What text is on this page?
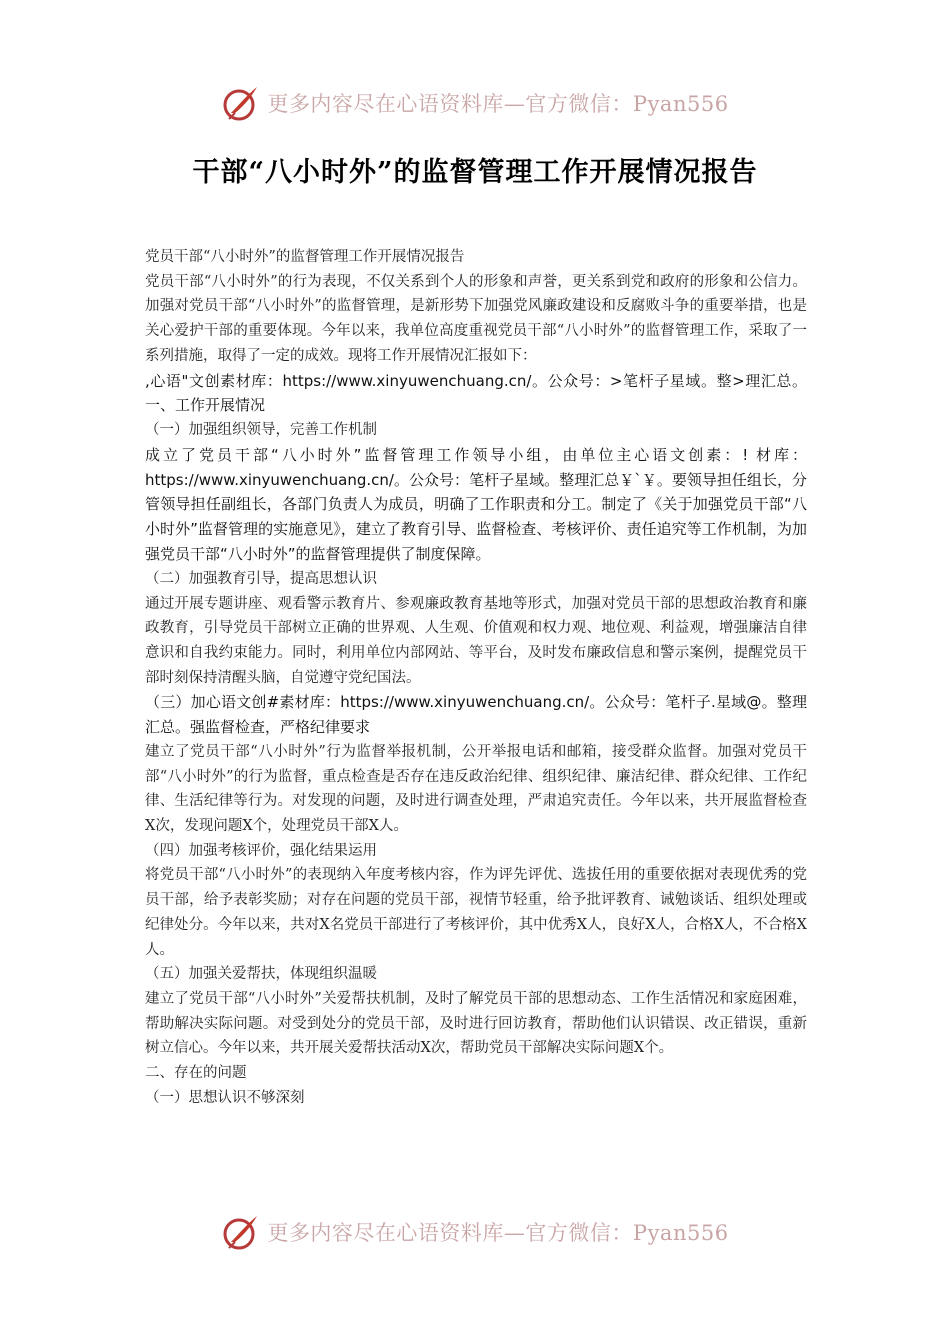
更多内容尽在心语资料库—官方微信：Pyan556
干部“八小时外”的监督管理工作开展情况报告

党员干部“八小时外”的监督管理工作开展情况报告

党员干部“八小时外”的行为表现，不仅关系到个人的形象和声誉，更关系到党和政府的形象和公信力。加强对党员干部“八小时外”的监督管理，是新形势下加强党风廉政建设和反腐败斗争的重要举措，也是关心爱护干部的重要体现。今年以来，我单位高度重视党员干部“八小时外”的监督管理工作，采取了一系列措施，取得了一定的成效。现将工作开展情况汇报如下：

,心语"文创素材库：https://www.xinyuwenchuang.cn/。公众号：>笔杆子星域。整>理汇总。一、工作开展情况

（一）加强组织领导，完善工作机制

成立了党员干部“八小时外”监督管理工作领导小组，由单位主心语文创素：! 材库：https://www.xinyuwenchuang.cn/。公众号：笔杆子星域。整理汇总￥`￥。要领导担任组长，分管领导担任副组长，各部门负责人为成员，明确了工作职责和分工。制定了《关于加强党员干部“八小时外”监督管理的实施意见》，建立了教育引导、监督检查、考核评价、责任追究等工作机制，为加强党员干部“八小时外”的监督管理提供了制度保障。

（二）加强教育引导，提高思想认识

通过开展专题讲座、观看警示教育片、参观廉政教育基地等形式，加强对党员干部的思想政治教育和廉政教育，引导党员干部树立正确的世界观、人生观、价值观和权力观、地位观、利益观，增强廉洁自律意识和自我约束能力。同时，利用单位内部网站、等平台，及时发布廉政信息和警示案例，提醒党员干部时刻保持清醒头脑，自觉遵守党纪国法。

（三）加心语文创#素材库：https://www.xinyuwenchuang.cn/。公众号：笔杆子.星域@。整理汇总。强监督检查，严格纪律要求

建立了党员干部“八小时外”行为监督举报机制，公开举报电话和邮箱，接受群众监督。加强对党员干部“八小时外”的行为监督，重点检查是否存在违反政治纪律、组织纪律、廉洁纪律、群众纪律、工作纪律、生活纪律等行为。对发现的问题，及时进行调查处理，严肃追究责任。今年以来，共开展监督检查X次，发现问题X个，处理党员干部X人。

（四）加强考核评价，强化结果运用

将党员干部“八小时外”的表现纳入年度考核内容，作为评先评优、选拔任用的重要依据对表现优秀的党员干部，给予表彰奖励；对存在问题的党员干部，视情节轻重，给予批评教育、诫勉谈话、组织处理或纪律处分。今年以来，共对X名党员干部进行了考核评价，其中优秀X人，良好X人，合格X人，不合格X人。

（五）加强关爱帮扶，体现组织温暖

建立了党员干部“八小时外”关爱帮扶机制，及时了解党员干部的思想动态、工作生活情况和家庭困难，帮助解决实际问题。对受到处分的党员干部，及时进行回访教育，帮助他们认识错误、改正错误，重新树立信心。今年以来，共开展关爱帮扶活动X次，帮助党员干部解决实际问题X个。

二、存在的问题

（一）思想认识不够深刻

更多内容尽在心语资料库—官方微信：Pyan556
